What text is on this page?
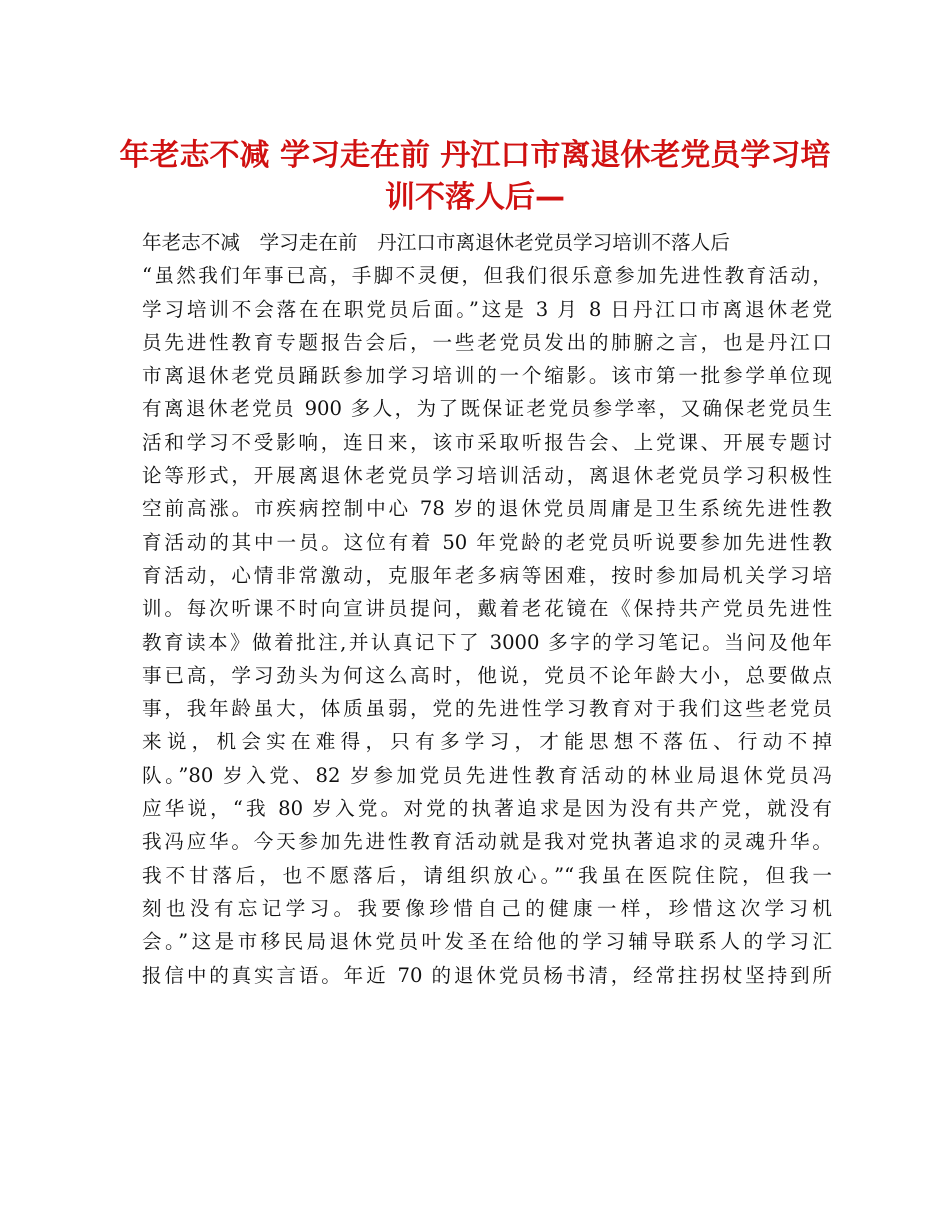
年老志不减 学习走在前 丹江口市离退休老党员学习培
训不落人后—
年老志不减　学习走在前　丹江口市离退休老党员学习培训不落人后
“虽然我们年事已高，手脚不灵便，但我们很乐意参加先进性教育活动，
学习培训不会落在在职党员后面。”这是 3 月 8 日丹江口市离退休老党
员先进性教育专题报告会后，一些老党员发出的肺腑之言，也是丹江口
市离退休老党员踊跃参加学习培训的一个缩影。该市第一批参学单位现
有离退休老党员 900 多人，为了既保证老党员参学率，又确保老党员生
活和学习不受影响，连日来，该市采取听报告会、上党课、开展专题讨
论等形式，开展离退休老党员学习培训活动，离退休老党员学习积极性
空前高涨。市疾病控制中心 78 岁的退休党员周庸是卫生系统先进性教
育活动的其中一员。这位有着 50 年党龄的老党员听说要参加先进性教
育活动，心情非常激动，克服年老多病等困难，按时参加局机关学习培
训。每次听课不时向宣讲员提问，戴着老花镜在《保持共产党员先进性
教育读本》做着批注,并认真记下了 3000 多字的学习笔记。当问及他年
事已高，学习劲头为何这么高时，他说，党员不论年龄大小，总要做点
事，我年龄虽大，体质虽弱，党的先进性学习教育对于我们这些老党员
来说，机会实在难得，只有多学习，才能思想不落伍、行动不掉
队。”80 岁入党、82 岁参加党员先进性教育活动的林业局退休党员冯
应华说，“我 80 岁入党。对党的执著追求是因为没有共产党，就没有
我冯应华。今天参加先进性教育活动就是我对党执著追求的灵魂升华。
我不甘落后，也不愿落后，请组织放心。”“我虽在医院住院，但我一
刻也没有忘记学习。我要像珍惜自己的健康一样，珍惜这次学习机
会。”这是市移民局退休党员叶发圣在给他的学习辅导联系人的学习汇
报信中的真实言语。年近 70 的退休党员杨书清，经常拄拐杖坚持到所
